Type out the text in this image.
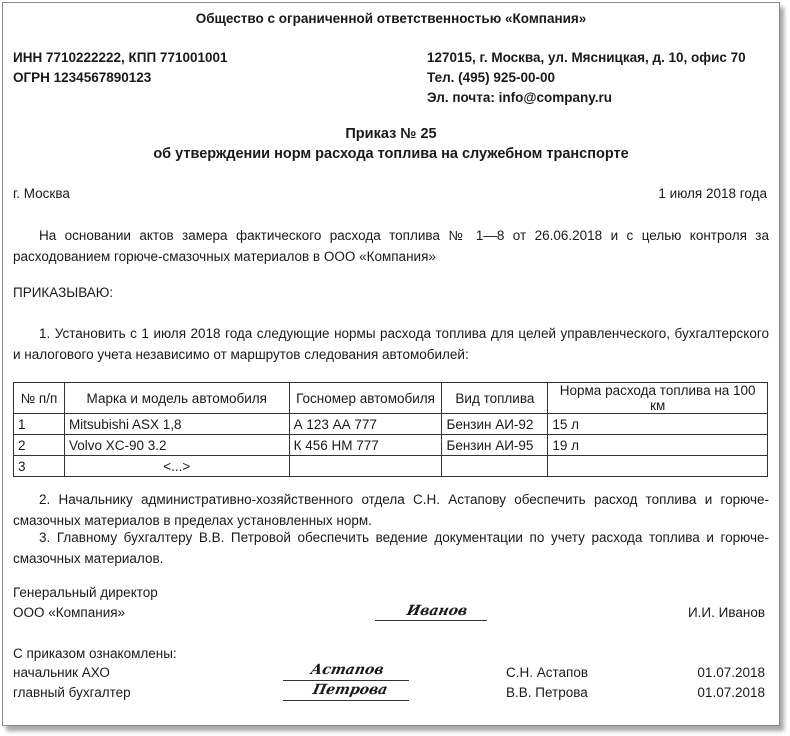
Общество с ограниченной ответственностью «Компания»
ИНН 7710222222, КПП 771001001
ОГРН 1234567890123
127015, г. Москва, ул. Мясницкая, д. 10, офис 70
Тел. (495) 925-00-00
Эл. почта: info@company.ru
Приказ № 25
об утверждении норм расхода топлива на служебном транспорте
г. Москва	1 июля 2018 года
На основании актов замера фактического расхода топлива № 1—8 от 26.06.2018 и с целью контроля за расходованием горюче-смазочных материалов в ООО «Компания»
ПРИКАЗЫВАЮ:
1. Установить с 1 июля 2018 года следующие нормы расхода топлива для целей управленческого, бухгалтерского и налогового учета независимо от маршрутов следования автомобилей:
№ п/п	Марка и модель автомобиля	Госномер автомобиля	Вид топлива	Норма расхода топлива на 100 км
1	Mitsubishi ASX 1,8	А 123 АА 777	Бензин АИ-92	15 л
2	Volvo XC-90 3.2	К 456 НМ 777	Бензин АИ-95	19 л
3	<...>			
2. Начальнику административно-хозяйственного отдела С.Н. Астапову обеспечить расход топлива и горюче-смазочных материалов в пределах установленных норм.
3. Главному бухгалтеру В.В. Петровой обеспечить ведение документации по учету расхода топлива и горюче-смазочных материалов.
Генеральный директор
ООО «Компания»	Иванов	И.И. Иванов
С приказом ознакомлены:
начальник АХО	Астапов	С.Н. Астапов	01.07.2018
главный бухгалтер	Петрова	В.В. Петрова	01.07.2018
